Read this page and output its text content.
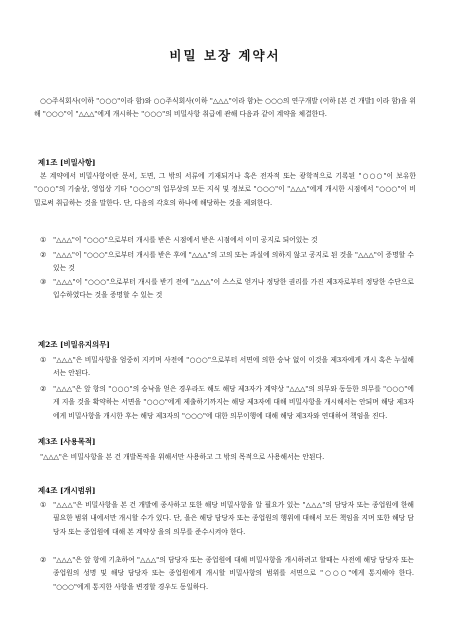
비밀 보장 계약서

○○주식회사(이하 "○○○"이라 함)와 ○○주식회사(이하 "△△△"이라 함)는 ○○○의 연구개발 (이하 [본 건 개발] 이라 함)을 위해 "○○○"이 "△△△"에게 개시하는 "○○○"의 비밀사항 취급에 관해 다음과 같이 계약을 체결한다.

제1조 [비밀사항]

본 계약에서 비밀사항이란 문서, 도면, 그 밖의 서류에 기재되거나 혹은 전자적 또는 광학적으로 기록된 "○○○"이 보유한 "○○○"의 기술상, 영업상 기타 "○○○"의 업무상의 모든 지식 및 정보로 "○○○"이 "△△△"에게 개시한 시점에서 "○○○"이 비밀로써 취급하는 것을 말한다. 단, 다음의 각호의 하나에 해당하는 것을 제외한다.

①	"△△△"이 "○○○"으로부터 개시를 받은 시점에서 받은 시점에서 이미 공지로 되어있는 것
②	"△△△"이 "○○○"으로부터 개시를 받은 후에 "△△△"의 고의 또는 과실에 의하지 않고 공지로 된 것을 "△△△"이 증명할 수 있는 것
③	"△△△"이 "○○○"으로부터 개시를 받기 전에 "△△△"이 스스로 얻거나 정당한 권리를 가진 제3자로부터 정당한 수단으로 입수하였다는 것을 증명할 수 있는 것

제2조 [비밀유지의무]

①	"△△△"은 비밀사항을 엄중히 지키며 사전에 "○○○"으로부터 서면에 의한 승낙 없이 이것을 제3자에게 개시 혹은 누설해서는 안된다.
②	"△△△"은 앞 항의 "○○○"의 승낙을 얻은 경우라도 해도 해당 제3자가 계약상 "△△△"의 의무와 동등한 의무를 "○○○"에게 지을 것을 확약하는 서면을 "○○○"에게 제출하기까지는 해당 제3자에 대해 비밀사항을 개시해서는 안되며 해당 제3자에게 비밀사항을 개시한 후는 해당 제3자의 "○○○"에 대한 의무이행에 대해 해당 제3자와 연대하여 책임을 진다.

제3조 [사용목적]

"△△△"은 비밀사항을 본 건 개발목적을 위해서만 사용하고 그 밖의 목적으로 사용해서는 안된다.

제4조 [개시범위]

①	"△△△"은 비밀사항을 본 건 개발에 종사하고 또한 해당 비밀사항을 알 필요가 있는 "△△△"의 담당자 또는 종업원에 한해 필요한 범위 내에서만 개시할 수가 있다. 단, 을은 해당 담당자 또는 종업원의 행위에 대해서 모든 책임을 지며 또한 해당 담당자 또는 종업원에 대해 본 계약상 을의 의무를 준수시켜야 한다.
②	"△△△"은 앞 항에 기초하여 "△△△"의 담당자 또는 종업원에 대해 비밀사항을 개시하려고 할때는 사전에 해당 담당자 또는 종업원의 성명 및 해당 담당자 또는 종업원에게 개시할 비밀사항의 범위를 서면으로 "○○○"에게 통지해야 한다. "○○○"에게 통지한 사항을 변경할 경우도 동일하다.
